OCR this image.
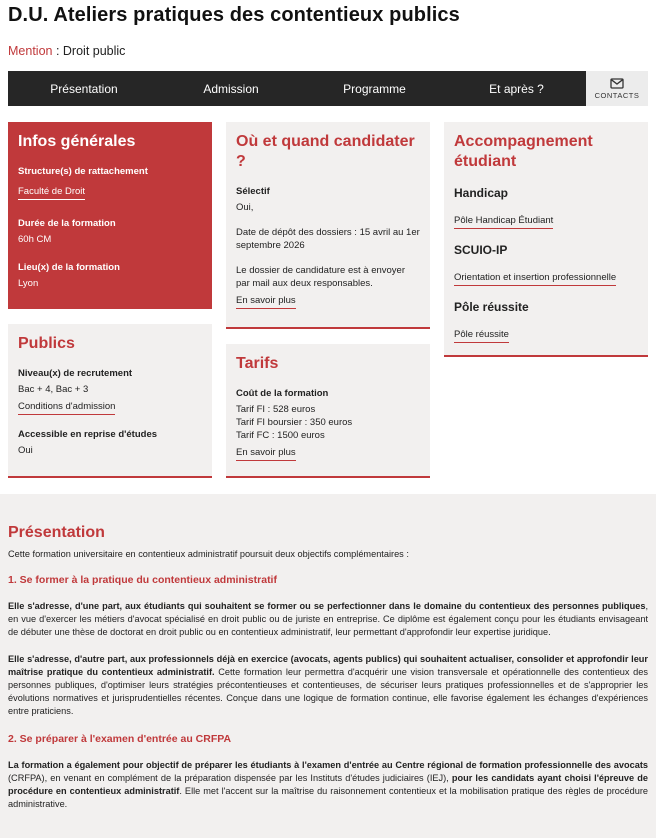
D.U. Ateliers pratiques des contentieux publics
Mention : Droit public
Présentation	Admission	Programme	Et après ?	CONTACTS
Infos générales
Structure(s) de rattachement
Faculté de Droit
Durée de la formation
60h CM
Lieu(x) de la formation
Lyon
Publics
Niveau(x) de recrutement
Bac + 4, Bac + 3
Conditions d'admission
Accessible en reprise d'études
Oui
Où et quand candidater ?
Sélectif
Oui,
Date de dépôt des dossiers : 15 avril au 1er septembre 2026
Le dossier de candidature est à envoyer par mail aux deux responsables.
En savoir plus
Tarifs
Coût de la formation
Tarif FI : 528 euros
Tarif FI boursier : 350 euros
Tarif FC : 1500 euros
En savoir plus
Accompagnement étudiant
Handicap
Pôle Handicap Étudiant
SCUIO-IP
Orientation et insertion professionnelle
Pôle réussite
Pôle réussite
Présentation
Cette formation universitaire en contentieux administratif poursuit deux objectifs complémentaires :
1. Se former à la pratique du contentieux administratif

Elle s'adresse, d'une part, aux étudiants qui souhaitent se former ou se perfectionner dans le domaine du contentieux des personnes publiques, en vue d'exercer les métiers d'avocat spécialisé en droit public ou de juriste en entreprise. Ce diplôme est également conçu pour les étudiants envisageant de débuter une thèse de doctorat en droit public ou en contentieux administratif, leur permettant d'approfondir leur expertise juridique.

Elle s'adresse, d'autre part, aux professionnels déjà en exercice (avocats, agents publics) qui souhaitent actualiser, consolider et approfondir leur maîtrise pratique du contentieux administratif. Cette formation leur permettra d'acquérir une vision transversale et opérationnelle des contentieux des personnes publiques, d'optimiser leurs stratégies précontentieuses et contentieuses, de sécuriser leurs pratiques professionnelles et de s'approprier les évolutions normatives et jurisprudentielles récentes. Conçue dans une logique de formation continue, elle favorise également les échanges d'expériences entre praticiens.

2. Se préparer à l'examen d'entrée au CRFPA

La formation a également pour objectif de préparer les étudiants à l'examen d'entrée au Centre régional de formation professionnelle des avocats (CRFPA), en venant en complément de la préparation dispensée par les Instituts d'études judiciaires (IEJ), pour les candidats ayant choisi l'épreuve de procédure en contentieux administratif. Elle met l'accent sur la maîtrise du raisonnement contentieux et la mobilisation pratique des règles de procédure administrative.
